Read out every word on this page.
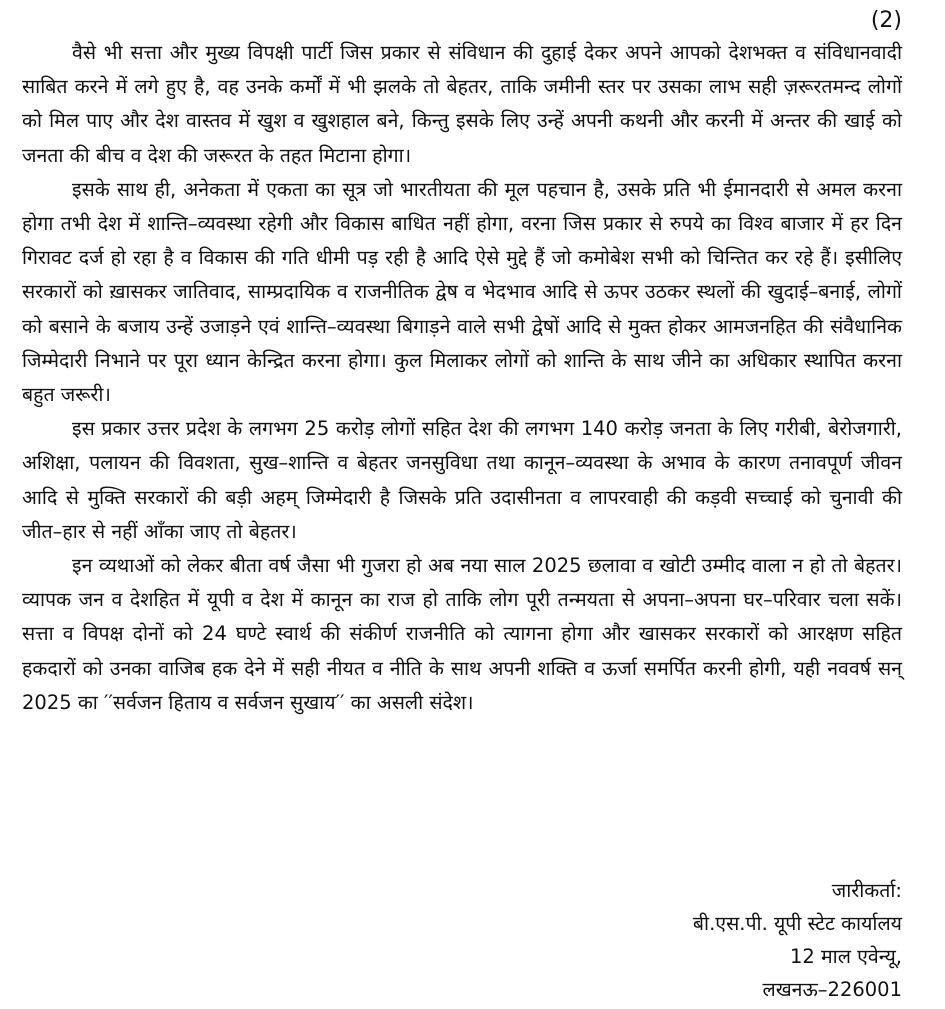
(2)

वैसे भी सत्ता और मुख्य विपक्षी पार्टी जिस प्रकार से संविधान की दुहाई देकर अपने आपको देशभक्त व संविधानवादी साबित करने में लगे हुए है, वह उनके कर्मों में भी झलके तो बेहतर, ताकि जमीनी स्तर पर उसका लाभ सही ज़रूरतमन्द लोगों को मिल पाए और देश वास्तव में खुश व खुशहाल बने, किन्तु इसके लिए उन्हें अपनी कथनी और करनी में अन्तर की खाई को जनता की बीच व देश की जरूरत के तहत मिटाना होगा।

इसके साथ ही, अनेकता में एकता का सूत्र जो भारतीयता की मूल पहचान है, उसके प्रति भी ईमानदारी से अमल करना होगा तभी देश में शान्ति–व्यवस्था रहेगी और विकास बाधित नहीं होगा, वरना जिस प्रकार से रुपये का विश्व बाजार में हर दिन गिरावट दर्ज हो रहा है व विकास की गति धीमी पड़ रही है आदि ऐसे मुद्दे हैं जो कमोबेश सभी को चिन्तित कर रहे हैं। इसीलिए सरकारों को ख़ासकर जातिवाद, साम्प्रदायिक व राजनीतिक द्वेष व भेदभाव आदि से ऊपर उठकर स्थलों की खुदाई–बनाई, लोगों को बसाने के बजाय उन्हें उजाड़ने एवं शान्ति–व्यवस्था बिगाड़ने वाले सभी द्वेषों आदि से मुक्त होकर आमजनहित की संवैधानिक जिम्मेदारी निभाने पर पूरा ध्यान केन्द्रित करना होगा। कुल मिलाकर लोगों को शान्ति के साथ जीने का अधिकार स्थापित करना बहुत जरूरी।

इस प्रकार उत्तर प्रदेश के लगभग 25 करोड़ लोगों सहित देश की लगभग 140 करोड़ जनता के लिए गरीबी, बेरोजगारी, अशिक्षा, पलायन की विवशता, सुख–शान्ति व बेहतर जनसुविधा तथा कानून–व्यवस्था के अभाव के कारण तनावपूर्ण जीवन आदि से मुक्ति सरकारों की बड़ी अहम् जिम्मेदारी है जिसके प्रति उदासीनता व लापरवाही की कड़वी सच्चाई को चुनावी की जीत–हार से नहीं आँका जाए तो बेहतर।

इन व्यथाओं को लेकर बीता वर्ष जैसा भी गुजरा हो अब नया साल 2025 छलावा व खोटी उम्मीद वाला न हो तो बेहतर। व्यापक जन व देशहित में यूपी व देश में कानून का राज हो ताकि लोग पूरी तन्मयता से अपना–अपना घर–परिवार चला सकें। सत्ता व विपक्ष दोनों को 24 घण्टे स्वार्थ की संकीर्ण राजनीति को त्यागना होगा और खासकर सरकारों को आरक्षण सहित हकदारों को उनका वाजिब हक देने में सही नीयत व नीति के साथ अपनी शक्ति व ऊर्जा समर्पित करनी होगी, यही नववर्ष सन् 2025 का ′′सर्वजन हिताय व सर्वजन सुखाय′′ का असली संदेश।

जारीकर्ता:
बी.एस.पी. यूपी स्टेट कार्यालय
12 माल एवेन्यू,
लखनऊ–226001
